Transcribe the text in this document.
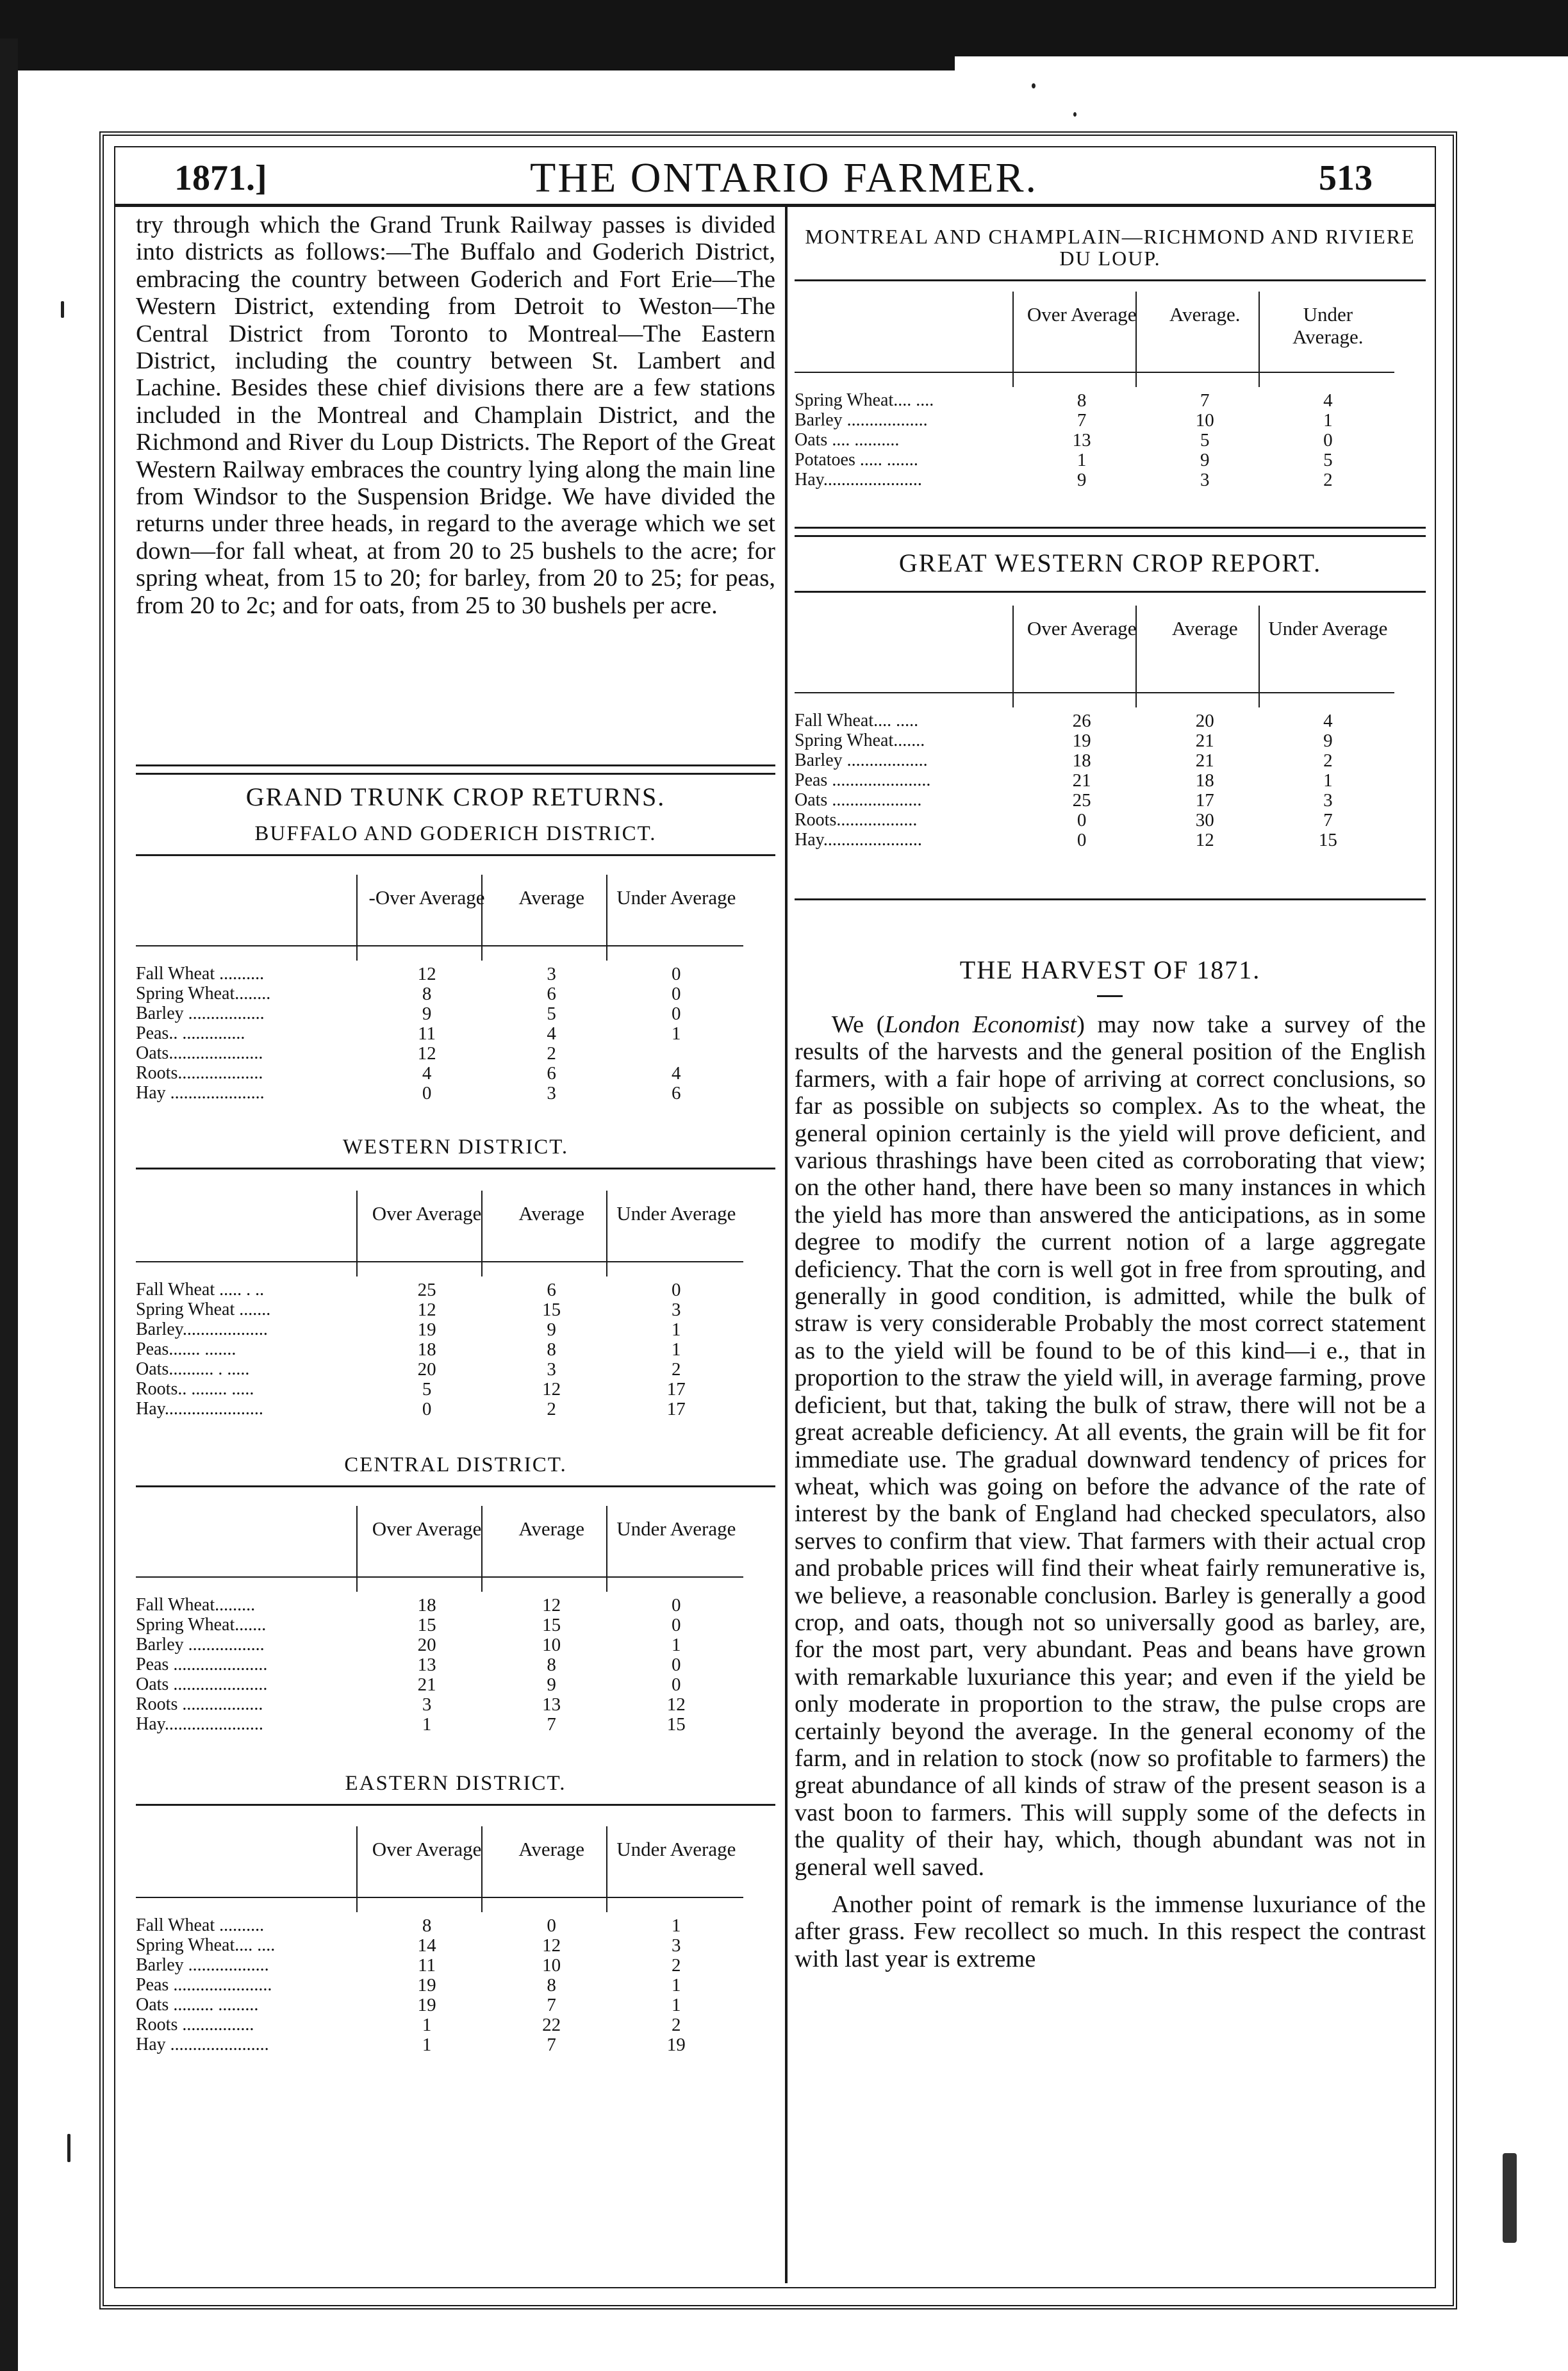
1871.]	THE ONTARIO FARMER.	513

try through which the Grand Trunk Railway passes is divided into districts as follows:—The Buffalo and Goderich District, embracing the country between Goderich and Fort Erie—The Western District, extending from Detroit to Weston—The Central District from Toronto to Montreal—The Eastern District, including the country between St. Lambert and Lachine. Besides these chief divisions there are a few stations included in the Montreal and Champlain District, and the Richmond and River du Loup Districts. The Report of the Great Western Railway embraces the country lying along the main line from Windsor to the Suspension Bridge. We have divided the returns under three heads, in regard to the average which we set down—for fall wheat, at from 20 to 25 bushels to the acre; for spring wheat, from 15 to 20; for barley, from 20 to 25; for peas, from 20 to 2c; and for oats, from 25 to 30 bushels per acre.

GRAND TRUNK CROP RETURNS.
BUFFALO AND GODERICH DISTRICT.
-Over Average	Average	Under Average
Fall Wheat ..........	12	3	0
Spring Wheat........	8	6	0
Barley .................	9	5	0
Peas.. ..............	11	4	1
Oats.....................	12	2
Roots...................	4	6	4
Hay .....................	0	3	6
WESTERN DISTRICT.
Over Average	Average	Under Average
Fall Wheat ..... . ..	25	6	0
Spring Wheat .......	12	15	3
Barley...................	19	9	1
Peas....... .......	18	8	1
Oats.......... . .....	20	3	2
Roots.. ........ .....	5	12	17
Hay......................	0	2	17
CENTRAL DISTRICT.
Over Average	Average	Under Average
Fall Wheat.........	18	12	0
Spring Wheat.......	15	15	0
Barley .................	20	10	1
Peas .....................	13	8	0
Oats .....................	21	9	0
Roots ..................	3	13	12
Hay......................	1	7	15
EASTERN DISTRICT.
Over Average	Average	Under Average
Fall Wheat ..........	8	0	1
Spring Wheat.... ....	14	12	3
Barley ..................	11	10	2
Peas ......................	19	8	1
Oats ......... .........	19	7	1
Roots ................	1	22	2
Hay ......................	1	7	19
MONTREAL AND CHAMPLAIN—RICHMOND AND RIVIERE DU LOUP.
Over Average	Average.	Under Average.
Spring Wheat.... ....	8	7	4
Barley ..................	7	10	1
Oats .... ..........	13	5	0
Potatoes ..... .......	1	9	5
Hay......................	9	3	2
GREAT WESTERN CROP REPORT.
Over Average	Average	Under Average
Fall Wheat.... .....	26	20	4
Spring Wheat.......	19	21	9
Barley ..................	18	21	2
Peas ......................	21	18	1
Oats ....................	25	17	3
Roots..................	0	30	7
Hay......................	0	12	15
THE HARVEST OF 1871.

We (London Economist) may now take a survey of the results of the harvests and the general position of the English farmers, with a fair hope of arriving at correct conclusions, so far as possible on subjects so complex. As to the wheat, the general opinion certainly is the yield will prove deficient, and various thrashings have been cited as corroborating that view; on the other hand, there have been so many instances in which the yield has more than answered the anticipations, as in some degree to modify the current notion of a large aggregate deficiency. That the corn is well got in free from sprouting, and generally in good condition, is admitted, while the bulk of straw is very considerable Probably the most correct statement as to the yield will be found to be of this kind—i e., that in proportion to the straw the yield will, in average farming, prove deficient, but that, taking the bulk of straw, there will not be a great acreable deficiency. At all events, the grain will be fit for immediate use. The gradual downward tendency of prices for wheat, which was going on before the advance of the rate of interest by the bank of England had checked speculators, also serves to confirm that view. That farmers with their actual crop and probable prices will find their wheat fairly remunerative is, we believe, a reasonable conclusion. Barley is generally a good crop, and oats, though not so universally good as barley, are, for the most part, very abundant. Peas and beans have grown with remarkable luxuriance this year; and even if the yield be only moderate in proportion to the straw, the pulse crops are certainly beyond the average. In the general economy of the farm, and in relation to stock (now so profitable to farmers) the great abundance of all kinds of straw of the present season is a vast boon to farmers. This will supply some of the defects in the quality of their hay, which, though abundant was not in general well saved.

Another point of remark is the immense luxuriance of the after grass. Few recollect so much. In this respect the contrast with last year is extreme
